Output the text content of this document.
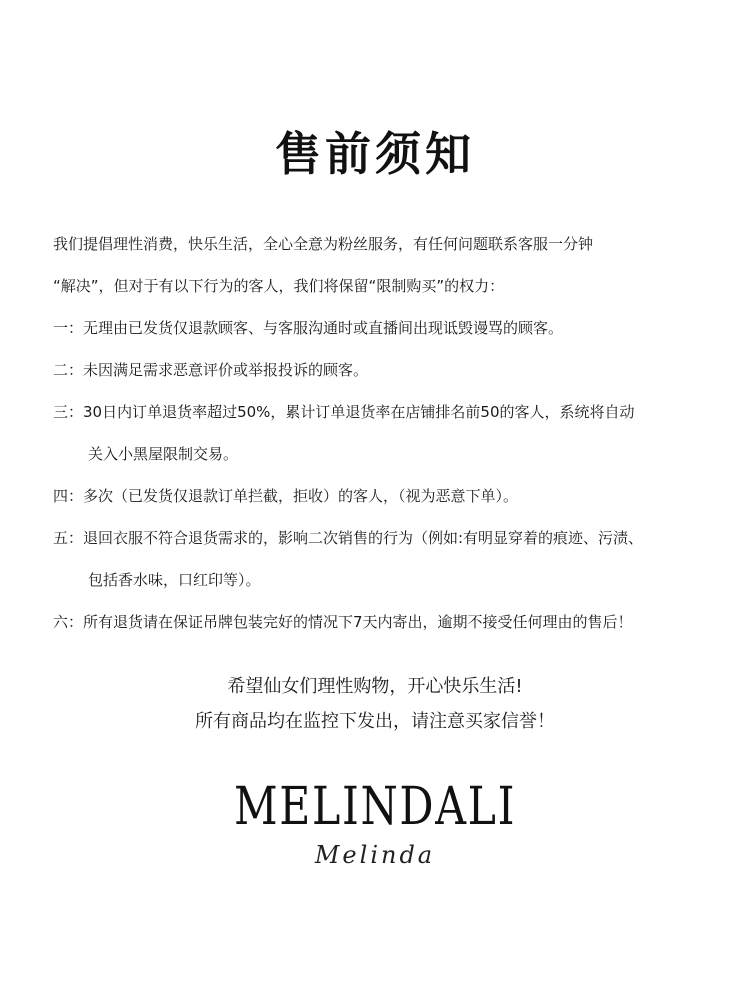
售前须知
我们提倡理性消费，快乐生活，全心全意为粉丝服务，有任何问题联系客服一分钟
“解决”，但对于有以下行为的客人，我们将保留“限制购买”的权力：
一：无理由已发货仅退款顾客、与客服沟通时或直播间出现诋毁谩骂的顾客。
二：未因满足需求恶意评价或举报投诉的顾客。
三：30日内订单退货率超过50%，累计订单退货率在店铺排名前50的客人，系统将自动
关入小黑屋限制交易。
四：多次（已发货仅退款订单拦截，拒收）的客人，（视为恶意下单）。
五：退回衣服不符合退货需求的，影响二次销售的行为（例如:有明显穿着的痕迹、污渍、
包括香水味，口红印等）。
六：所有退货请在保证吊牌包装完好的情况下7天内寄出，逾期不接受任何理由的售后！
希望仙女们理性购物，开心快乐生活!
所有商品均在监控下发出，请注意买家信誉！
MELINDALI
Melinda
